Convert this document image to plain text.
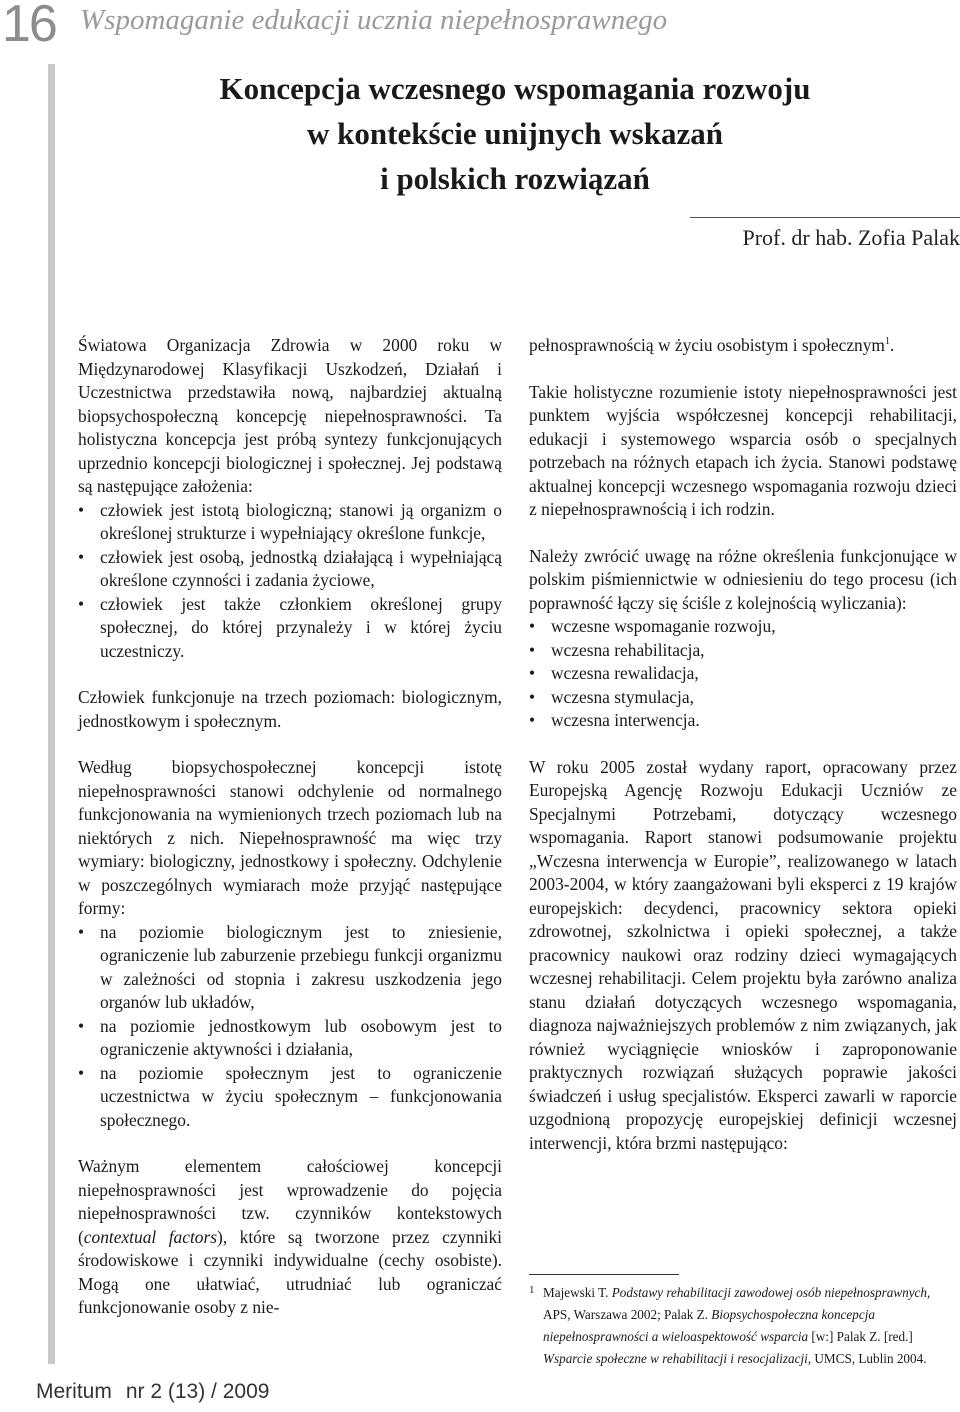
16 Wspomaganie edukacji ucznia niepełnosprawnego
Koncepcja wczesnego wspomagania rozwoju
w kontekście unijnych wskazań
i polskich rozwiązań
Prof. dr hab. Zofia Palak

Światowa Organizacja Zdrowia w 2000 roku w Międzynarodowej Klasyfikacji Uszkodzeń, Działań i Uczestnictwa przedstawiła nową, najbardziej aktualną biopsychospołeczną koncepcję niepełnosprawności. Ta holistyczna koncepcja jest próbą syntezy funkcjonujących uprzednio koncepcji biologicznej i społecznej. Jej podstawą są następujące założenia:

• człowiek jest istotą biologiczną; stanowi ją organizm o określonej strukturze i wypełniający określone funkcje,
• człowiek jest osobą, jednostką działającą i wypełniającą określone czynności i zadania życiowe,
• człowiek jest także członkiem określonej grupy społecznej, do której przynależy i w której życiu uczestniczy.

Człowiek funkcjonuje na trzech poziomach: biologicznym, jednostkowym i społecznym.

Według biopsychospołecznej koncepcji istotę niepełnosprawności stanowi odchylenie od normalnego funkcjonowania na wymienionych trzech poziomach lub na niektórych z nich. Niepełnosprawność ma więc trzy wymiary: biologiczny, jednostkowy i społeczny. Odchylenie w poszczególnych wymiarach może przyjąć następujące formy:

• na poziomie biologicznym jest to zniesienie, ograniczenie lub zaburzenie przebiegu funkcji organizmu w zależności od stopnia i zakresu uszkodzenia jego organów lub układów,
• na poziomie jednostkowym lub osobowym jest to ograniczenie aktywności i działania,
• na poziomie społecznym jest to ograniczenie uczestnictwa w życiu społecznym – funkcjonowania społecznego.

Ważnym elementem całościowej koncepcji niepełnosprawności jest wprowadzenie do pojęcia niepełnosprawności tzw. czynników kontekstowych (contextual factors), które są tworzone przez czynniki środowiskowe i czynniki indywidualne (cechy osobiste). Mogą one ułatwiać, utrudniać lub ograniczać funkcjonowanie osoby z nie-

pełnosprawnością w życiu osobistym i społecznym$^1$.

Takie holistyczne rozumienie istoty niepełnosprawności jest punktem wyjścia współczesnej koncepcji rehabilitacji, edukacji i systemowego wsparcia osób o specjalnych potrzebach na różnych etapach ich życia. Stanowi podstawę aktualnej koncepcji wczesnego wspomagania rozwoju dzieci z niepełnosprawnością i ich rodzin.

Należy zwrócić uwagę na różne określenia funkcjonujące w polskim piśmiennictwie w odniesieniu do tego procesu (ich poprawność łączy się ściśle z kolejnością wyliczania):

• wczesne wspomaganie rozwoju,
• wczesna rehabilitacja,
• wczesna rewalidacja,
• wczesna stymulacja,
• wczesna interwencja.

W roku 2005 został wydany raport, opracowany przez Europejską Agencję Rozwoju Edukacji Uczniów ze Specjalnymi Potrzebami, dotyczący wczesnego wspomagania. Raport stanowi podsumowanie projektu „Wczesna interwencja w Europie”, realizowanego w latach 2003-2004, w który zaangażowani byli eksperci z 19 krajów europejskich: decydenci, pracownicy sektora opieki zdrowotnej, szkolnictwa i opieki społecznej, a także pracownicy naukowi oraz rodziny dzieci wymagających wczesnej rehabilitacji. Celem projektu była zarówno analiza stanu działań dotyczących wczesnego wspomagania, diagnoza najważniejszych problemów z nim związanych, jak również wyciągnięcie wniosków i zaproponowanie praktycznych rozwiązań służących poprawie jakości świadczeń i usług specjalistów. Eksperci zawarli w raporcie uzgodnioną propozycję europejskiej definicji wczesnej interwencji, która brzmi następująco:

1 Majewski T. Podstawy rehabilitacji zawodowej osób niepełnosprawnych, APS, Warszawa 2002; Palak Z. Biopsychospołeczna koncepcja niepełnosprawności a wieloaspektowość wsparcia [w:] Palak Z. [red.] Wsparcie społeczne w rehabilitacji i resocjalizacji, UMCS, Lublin 2004.
Meritum nr 2 (13) / 2009
